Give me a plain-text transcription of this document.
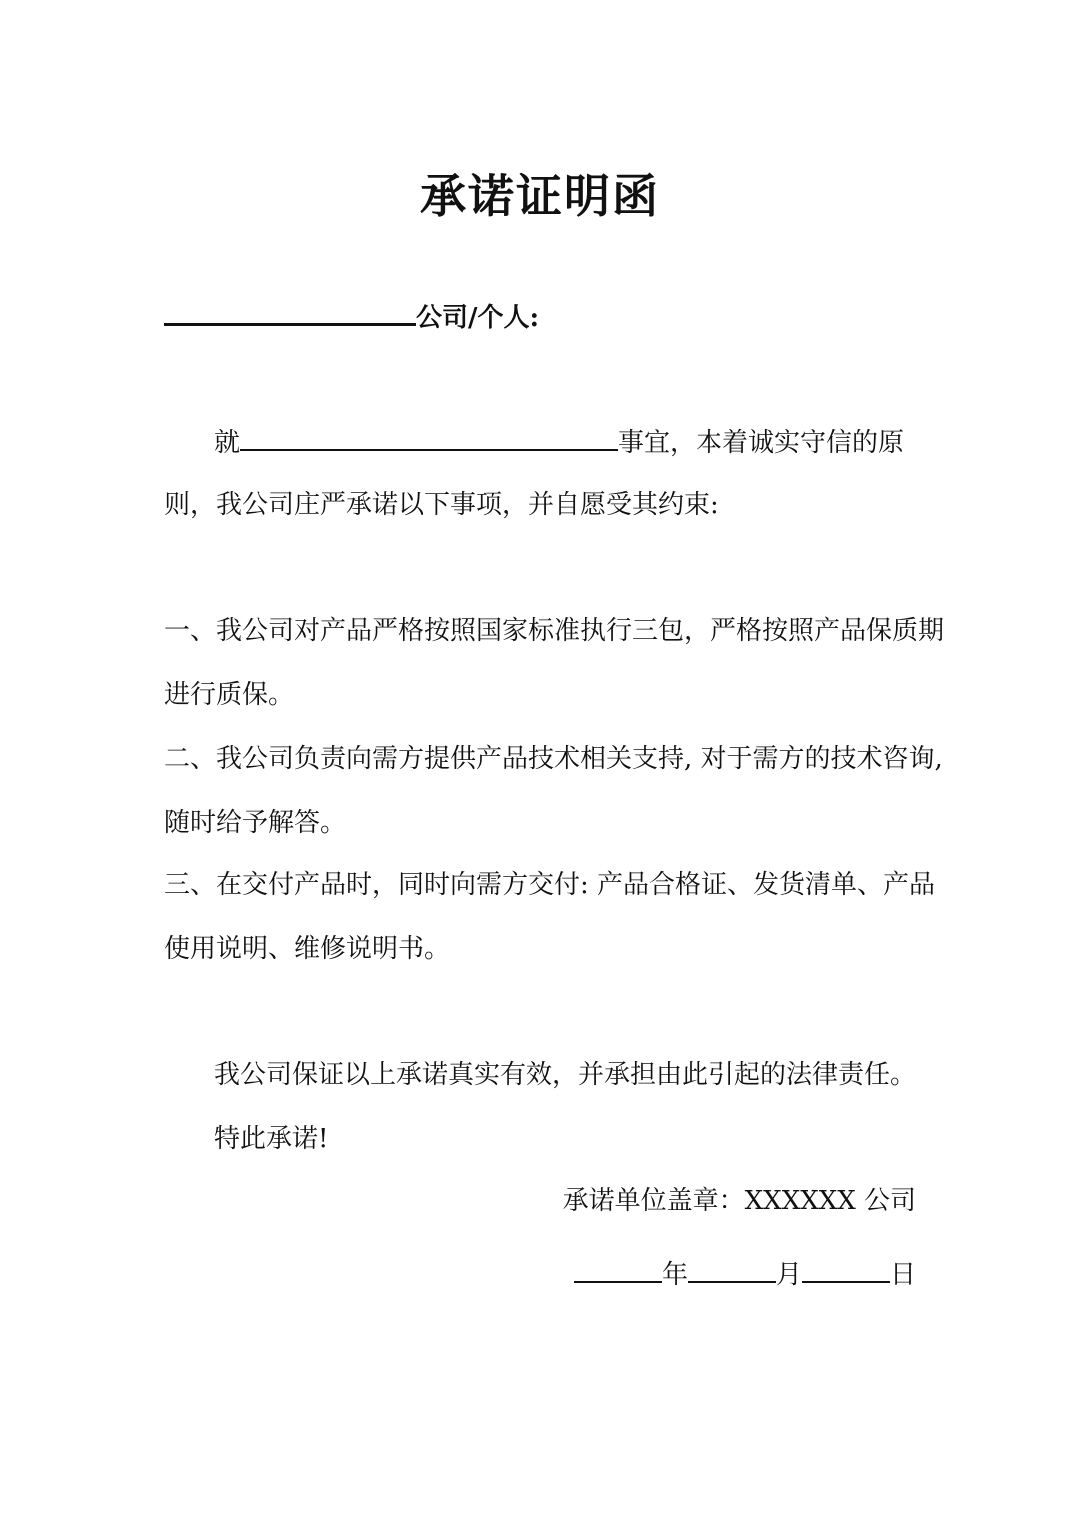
承诺证明函
公司/个人:
就	事宜，本着诚实守信的原
则，我公司庄严承诺以下事项，并自愿受其约束:
一、我公司对产品严格按照国家标准执行三包，严格按照产品保质期
进行质保。
二、我公司负责向需方提供产品技术相关支持, 对于需方的技术咨询,
随时给予解答。
三、在交付产品时，同时向需方交付: 产品合格证、发货清单、产品
使用说明、维修说明书。
我公司保证以上承诺真实有效，并承担由此引起的法律责任。
特此承诺!
承诺单位盖章：XXXXXX 公司
年	月	日
